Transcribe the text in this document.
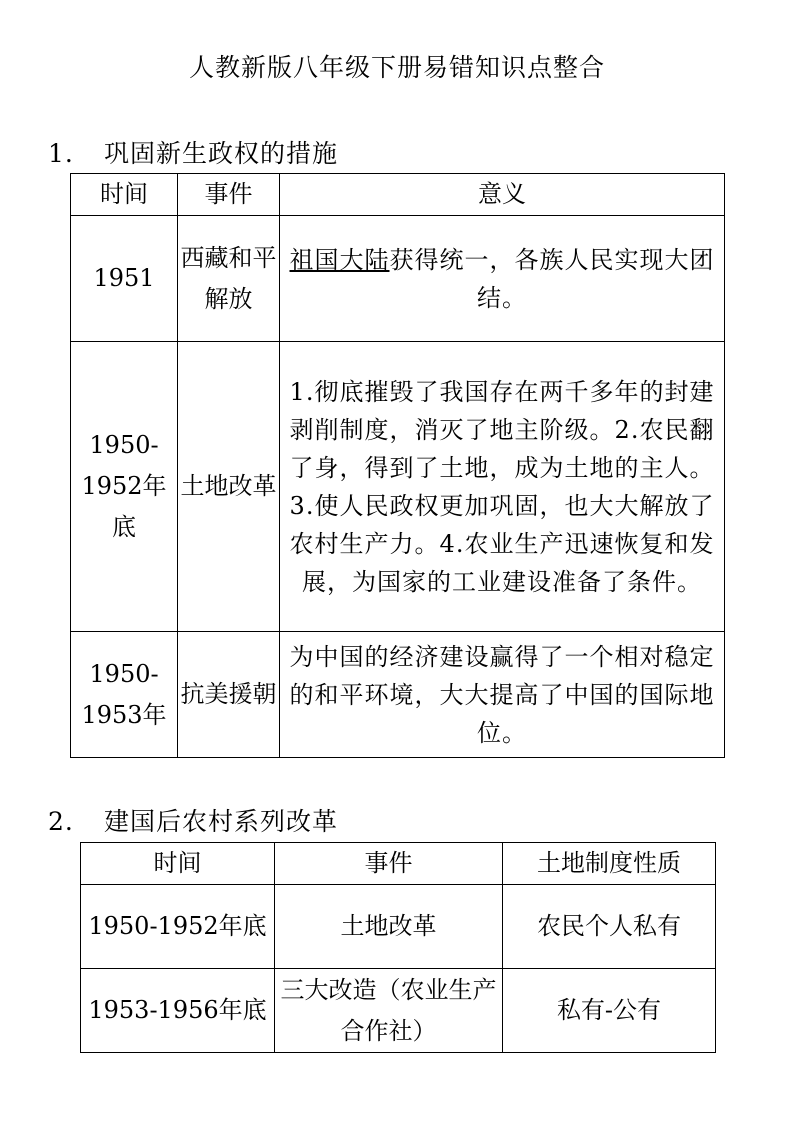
人教新版八年级下册易错知识点整合
1. 巩固新生政权的措施
时间	事件	意义
1951	西藏和平解放	祖国大陆获得统一，各族人民实现大团结。
1950-1952年底	土地改革	1.彻底摧毁了我国存在两千多年的封建剥削制度，消灭了地主阶级。2.农民翻了身，得到了土地，成为土地的主人。3.使人民政权更加巩固，也大大解放了农村生产力。4.农业生产迅速恢复和发展，为国家的工业建设准备了条件。
1950-1953年	抗美援朝	为中国的经济建设赢得了一个相对稳定的和平环境，大大提高了中国的国际地位。
2. 建国后农村系列改革
时间	事件	土地制度性质
1950-1952年底	土地改革	农民个人私有
1953-1956年底	三大改造（农业生产合作社）	私有-公有
